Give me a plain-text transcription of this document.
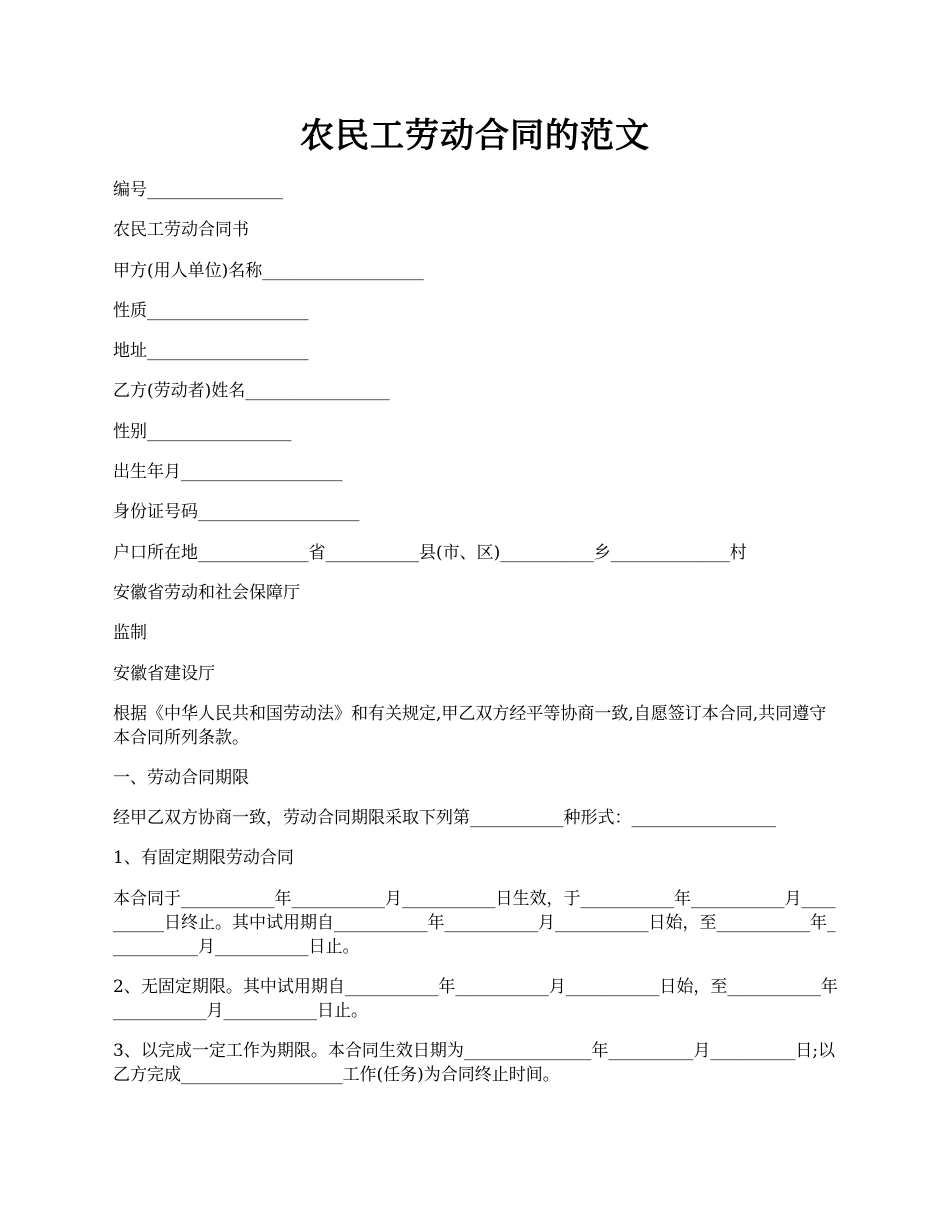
农民工劳动合同的范文

编号________________

农民工劳动合同书

甲方(用人单位)名称___________________

性质___________________

地址___________________

乙方(劳动者)姓名_________________

性别_________________

出生年月___________________

身份证号码___________________

户口所在地_____________省___________县(市、区)___________乡______________村

安徽省劳动和社会保障厅

监制

安徽省建设厅

根据《中华人民共和国劳动法》和有关规定,甲乙双方经平等协商一致,自愿签订本合同,共同遵守本合同所列条款。

一、劳动合同期限

经甲乙双方协商一致，劳动合同期限采取下列第___________种形式：_________________

1、有固定期限劳动合同

本合同于___________年___________月___________日生效，于___________年___________月__________日终止。其中试用期自___________年___________月___________日始，至___________年___________月___________日止。

2、无固定期限。其中试用期自___________年___________月___________日始，至___________年___________月___________日止。

3、以完成一定工作为期限。本合同生效日期为_______________年__________月__________日;以乙方完成___________________工作(任务)为合同终止时间。
